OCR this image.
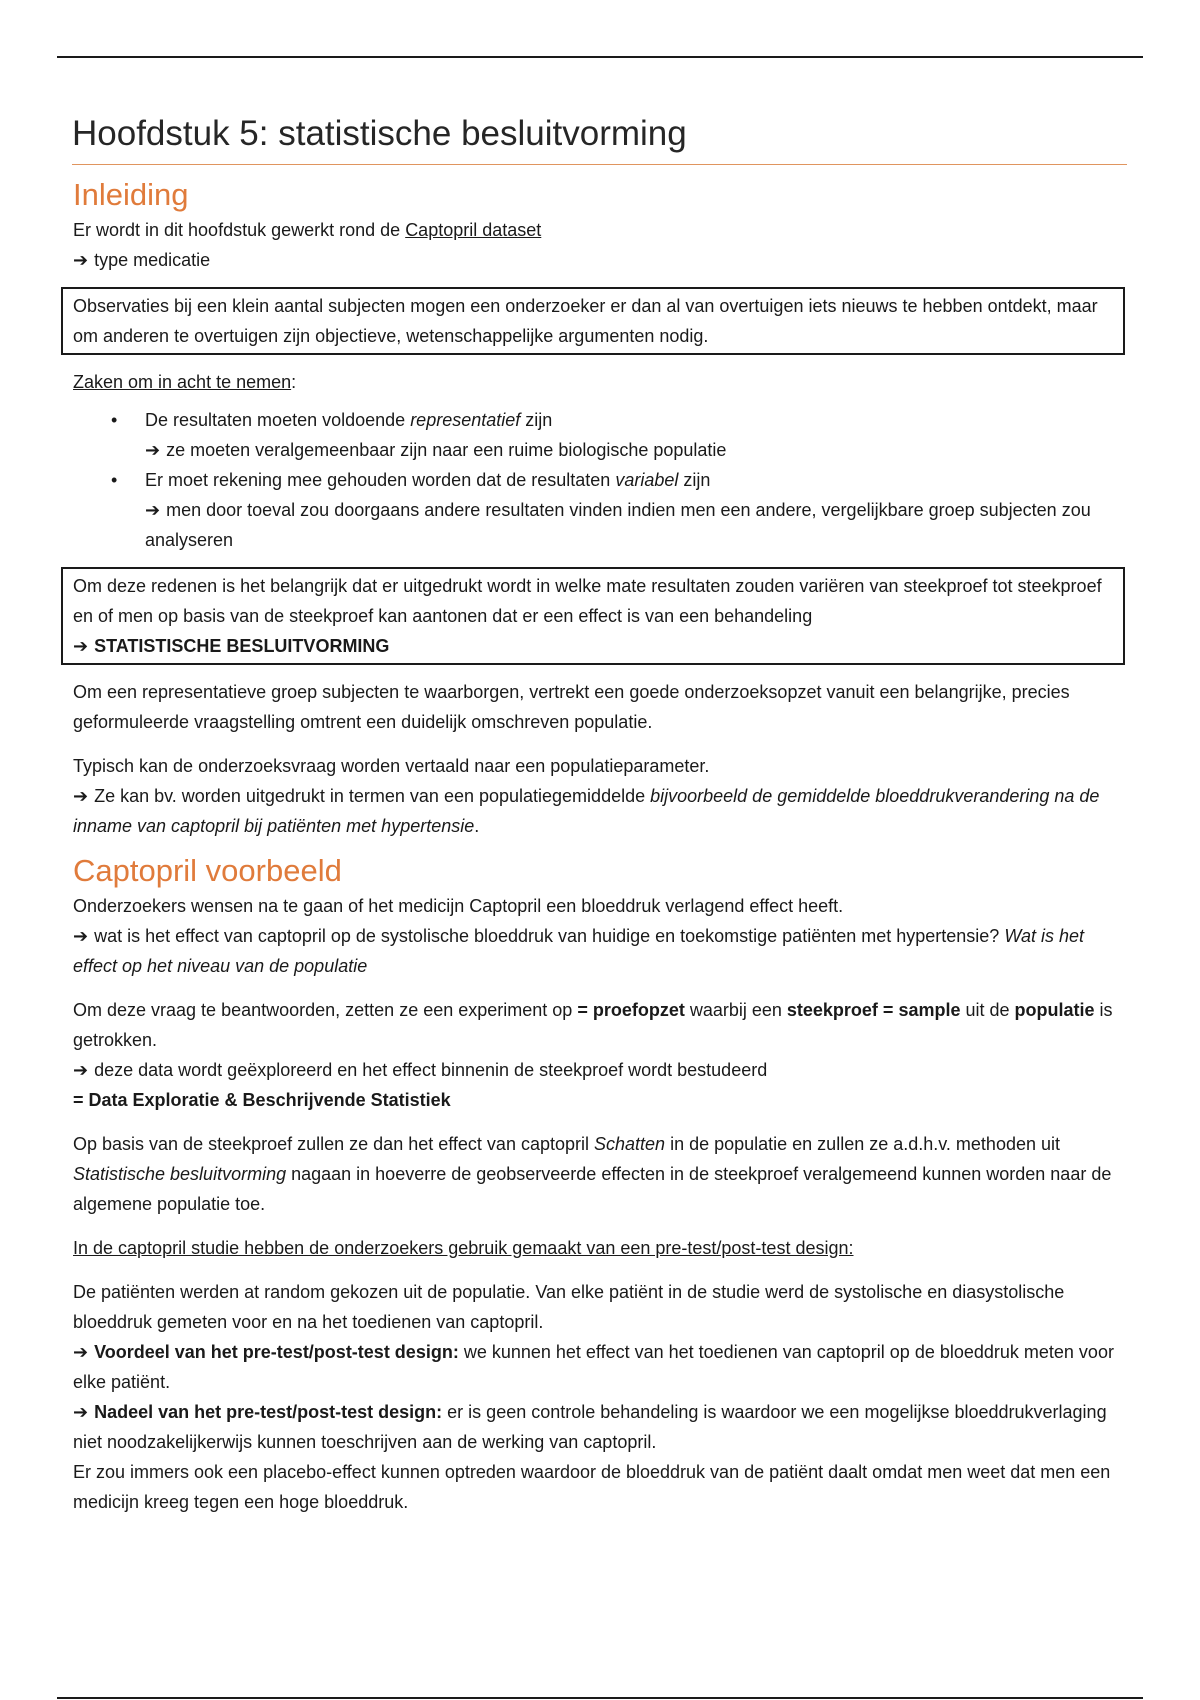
Hoofdstuk 5: statistische besluitvorming
Inleiding

Er wordt in dit hoofdstuk gewerkt rond de Captopril dataset

➔ type medicatie

Observaties bij een klein aantal subjecten mogen een onderzoeker er dan al van overtuigen iets nieuws te hebben ontdekt, maar om anderen te overtuigen zijn objectieve, wetenschappelijke argumenten nodig.

Zaken om in acht te nemen:

• De resultaten moeten voldoende representatief zijn
➔ ze moeten veralgemeenbaar zijn naar een ruime biologische populatie
• Er moet rekening mee gehouden worden dat de resultaten variabel zijn
➔ men door toeval zou doorgaans andere resultaten vinden indien men een andere, vergelijkbare groep subjecten zou analyseren

Om deze redenen is het belangrijk dat er uitgedrukt wordt in welke mate resultaten zouden variëren van steekproef tot steekproef en of men op basis van de steekproef kan aantonen dat er een effect is van een behandeling

➔ STATISTISCHE BESLUITVORMING

Om een representatieve groep subjecten te waarborgen, vertrekt een goede onderzoeksopzet vanuit een belangrijke, precies geformuleerde vraagstelling omtrent een duidelijk omschreven populatie.

Typisch kan de onderzoeksvraag worden vertaald naar een populatieparameter.

➔ Ze kan bv. worden uitgedrukt in termen van een populatiegemiddelde bijvoorbeeld de gemiddelde bloeddrukverandering na de inname van captopril bij patiënten met hypertensie.

Captopril voorbeeld

Onderzoekers wensen na te gaan of het medicijn Captopril een bloeddruk verlagend effect heeft.

➔ wat is het effect van captopril op de systolische bloeddruk van huidige en toekomstige patiënten met hypertensie? Wat is het effect op het niveau van de populatie

Om deze vraag te beantwoorden, zetten ze een experiment op = proefopzet waarbij een steekproef = sample uit de populatie is getrokken.

➔ deze data wordt geëxploreerd en het effect binnenin de steekproef wordt bestudeerd

= Data Exploratie & Beschrijvende Statistiek

Op basis van de steekproef zullen ze dan het effect van captopril Schatten in de populatie en zullen ze a.d.h.v. methoden uit Statistische besluitvorming nagaan in hoeverre de geobserveerde effecten in de steekproef veralgemeend kunnen worden naar de algemene populatie toe.

In de captopril studie hebben de onderzoekers gebruik gemaakt van een pre-test/post-test design:

De patiënten werden at random gekozen uit de populatie. Van elke patiënt in de studie werd de systolische en diasystolische bloeddruk gemeten voor en na het toedienen van captopril.

➔ Voordeel van het pre-test/post-test design: we kunnen het effect van het toedienen van captopril op de bloeddruk meten voor elke patiënt.

➔ Nadeel van het pre-test/post-test design: er is geen controle behandeling is waardoor we een mogelijkse bloeddrukverlaging niet noodzakelijkerwijs kunnen toeschrijven aan de werking van captopril.

Er zou immers ook een placebo-effect kunnen optreden waardoor de bloeddruk van de patiënt daalt omdat men weet dat men een medicijn kreeg tegen een hoge bloeddruk.
